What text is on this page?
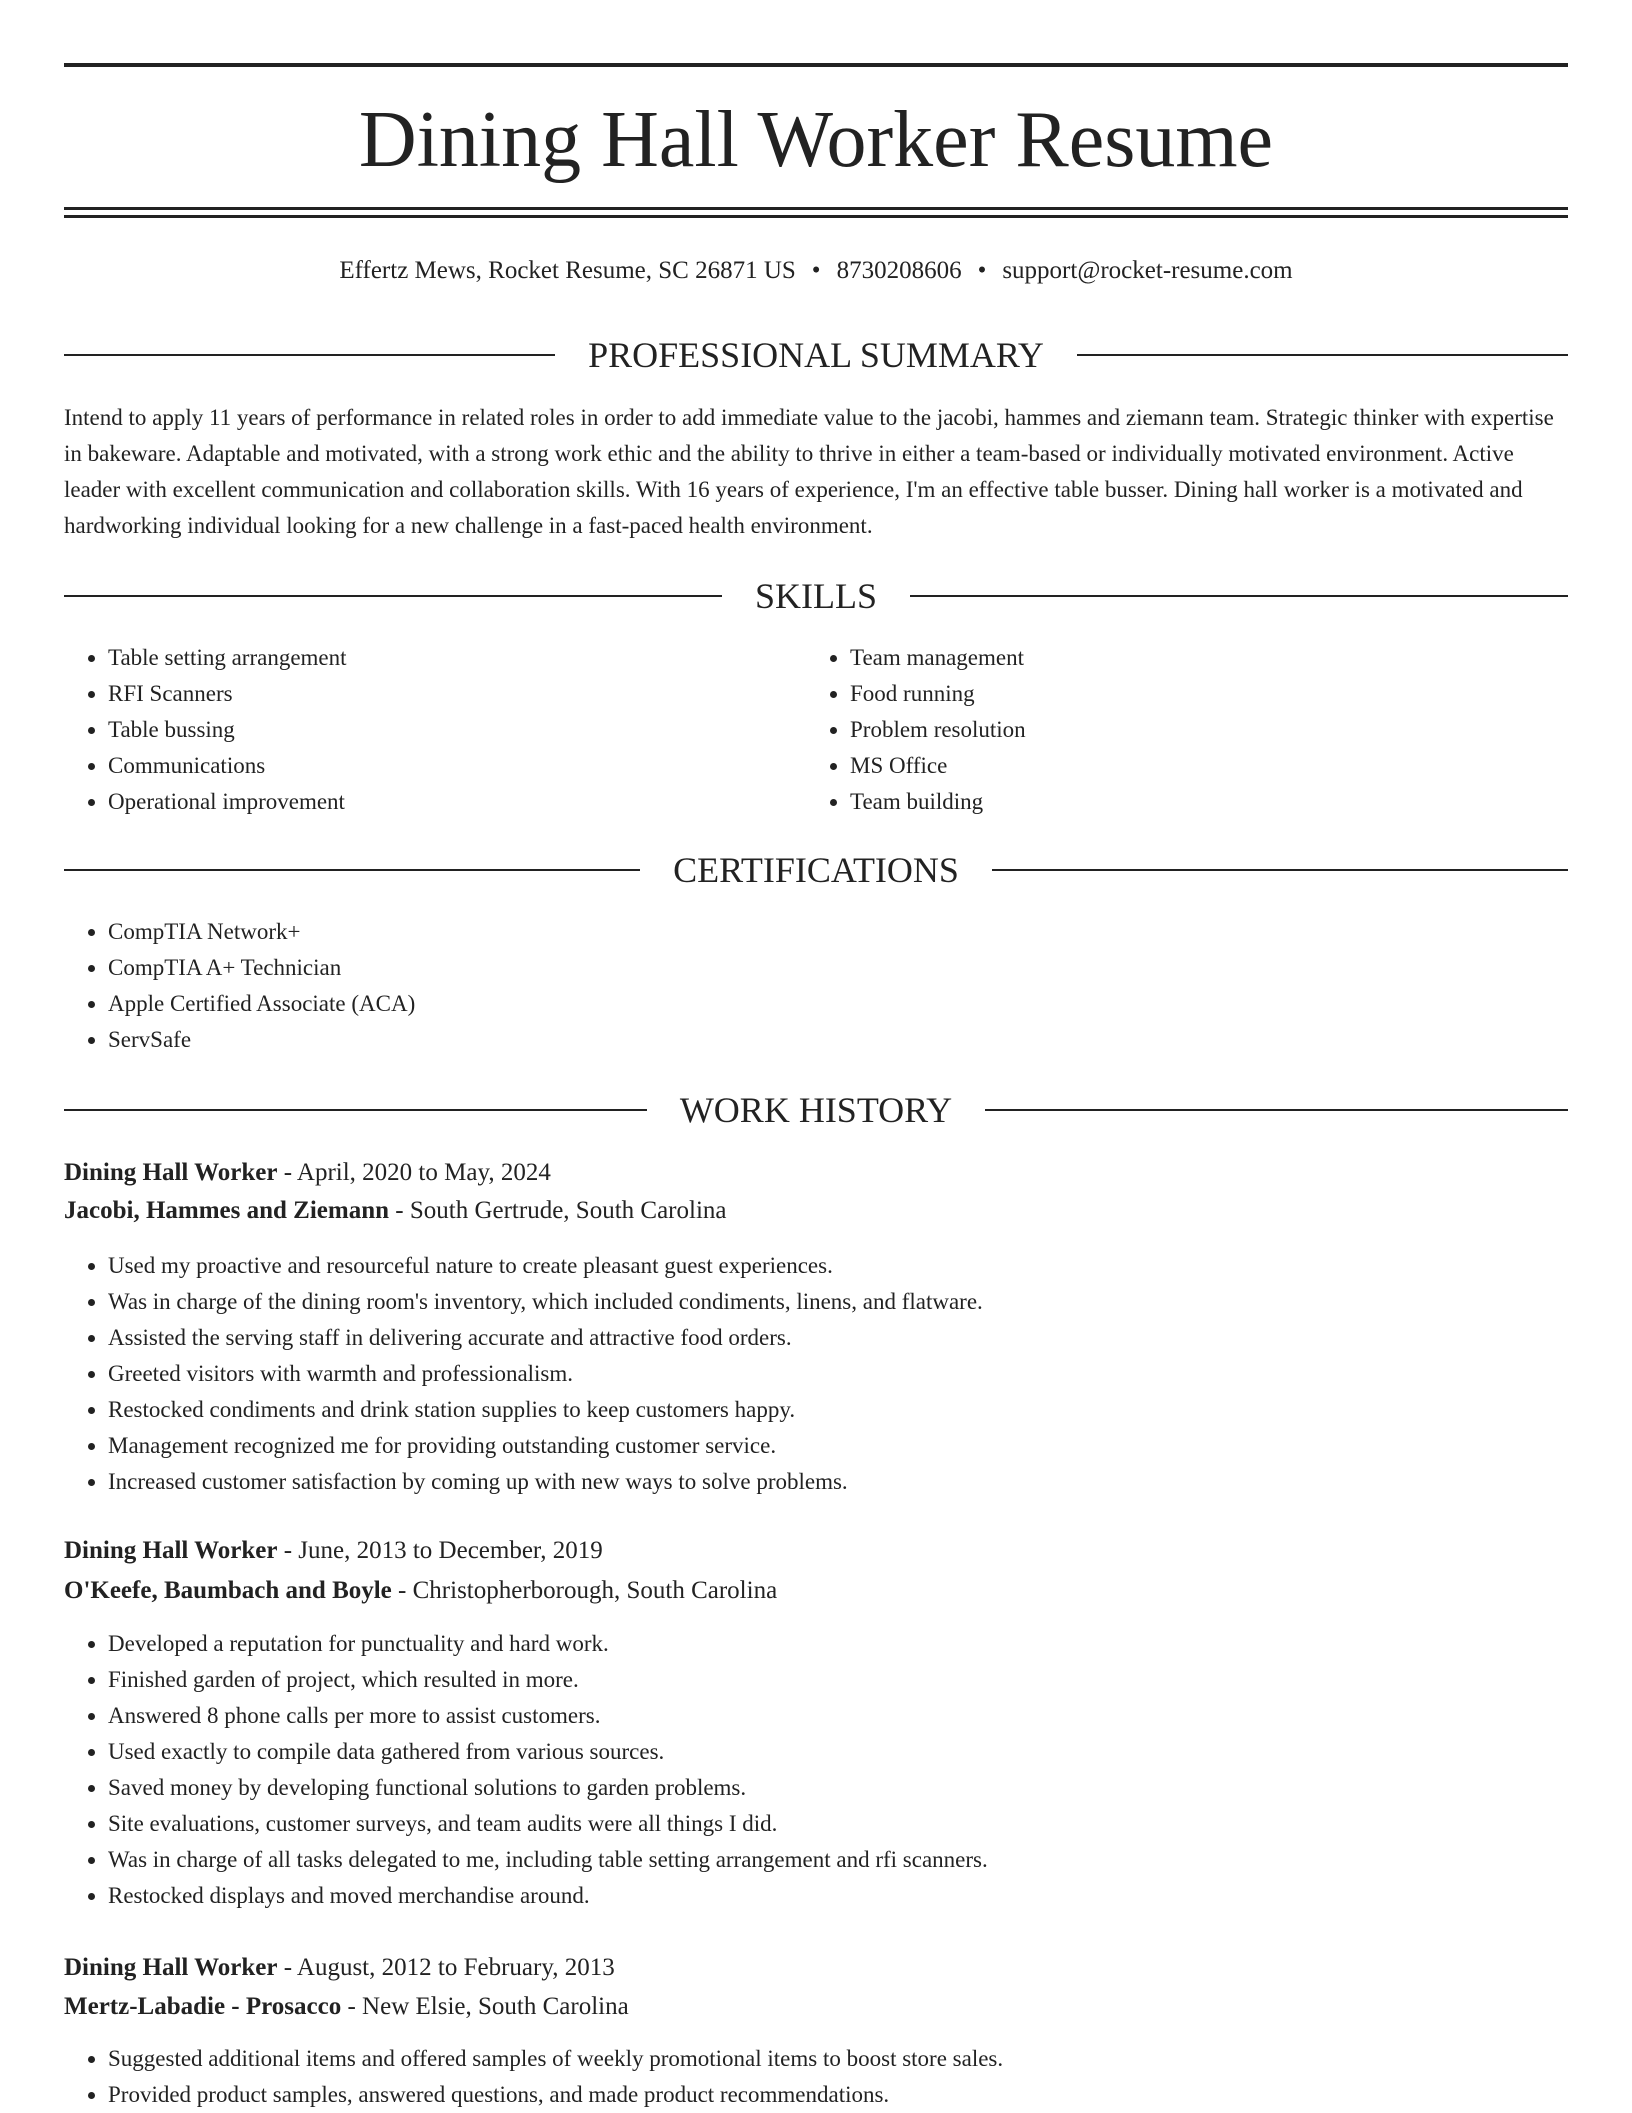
Dining Hall Worker Resume
Effertz Mews, Rocket Resume, SC 26871 US • 8730208606 • support@rocket-resume.com
PROFESSIONAL SUMMARY

Intend to apply 11 years of performance in related roles in order to add immediate value to the jacobi, hammes and ziemann team. Strategic thinker with expertise in bakeware. Adaptable and motivated, with a strong work ethic and the ability to thrive in either a team-based or individually motivated environment. Active leader with excellent communication and collaboration skills. With 16 years of experience, I'm an effective table busser. Dining hall worker is a motivated and hardworking individual looking for a new challenge in a fast-paced health environment.

SKILLS
• Table setting arrangement
• RFI Scanners
• Table bussing
• Communications
• Operational improvement
• Team management
• Food running
• Problem resolution
• MS Office
• Team building
CERTIFICATIONS
• CompTIA Network+
• CompTIA A+ Technician
• Apple Certified Associate (ACA)
• ServSafe
WORK HISTORY
Dining Hall Worker - April, 2020 to May, 2024
Jacobi, Hammes and Ziemann - South Gertrude, South Carolina
• Used my proactive and resourceful nature to create pleasant guest experiences.
• Was in charge of the dining room's inventory, which included condiments, linens, and flatware.
• Assisted the serving staff in delivering accurate and attractive food orders.
• Greeted visitors with warmth and professionalism.
• Restocked condiments and drink station supplies to keep customers happy.
• Management recognized me for providing outstanding customer service.
• Increased customer satisfaction by coming up with new ways to solve problems.
Dining Hall Worker - June, 2013 to December, 2019
O'Keefe, Baumbach and Boyle - Christopherborough, South Carolina
• Developed a reputation for punctuality and hard work.
• Finished garden of project, which resulted in more.
• Answered 8 phone calls per more to assist customers.
• Used exactly to compile data gathered from various sources.
• Saved money by developing functional solutions to garden problems.
• Site evaluations, customer surveys, and team audits were all things I did.
• Was in charge of all tasks delegated to me, including table setting arrangement and rfi scanners.
• Restocked displays and moved merchandise around.
Dining Hall Worker - August, 2012 to February, 2013
Mertz-Labadie - Prosacco - New Elsie, South Carolina
• Suggested additional items and offered samples of weekly promotional items to boost store sales.
• Provided product samples, answered questions, and made product recommendations.
